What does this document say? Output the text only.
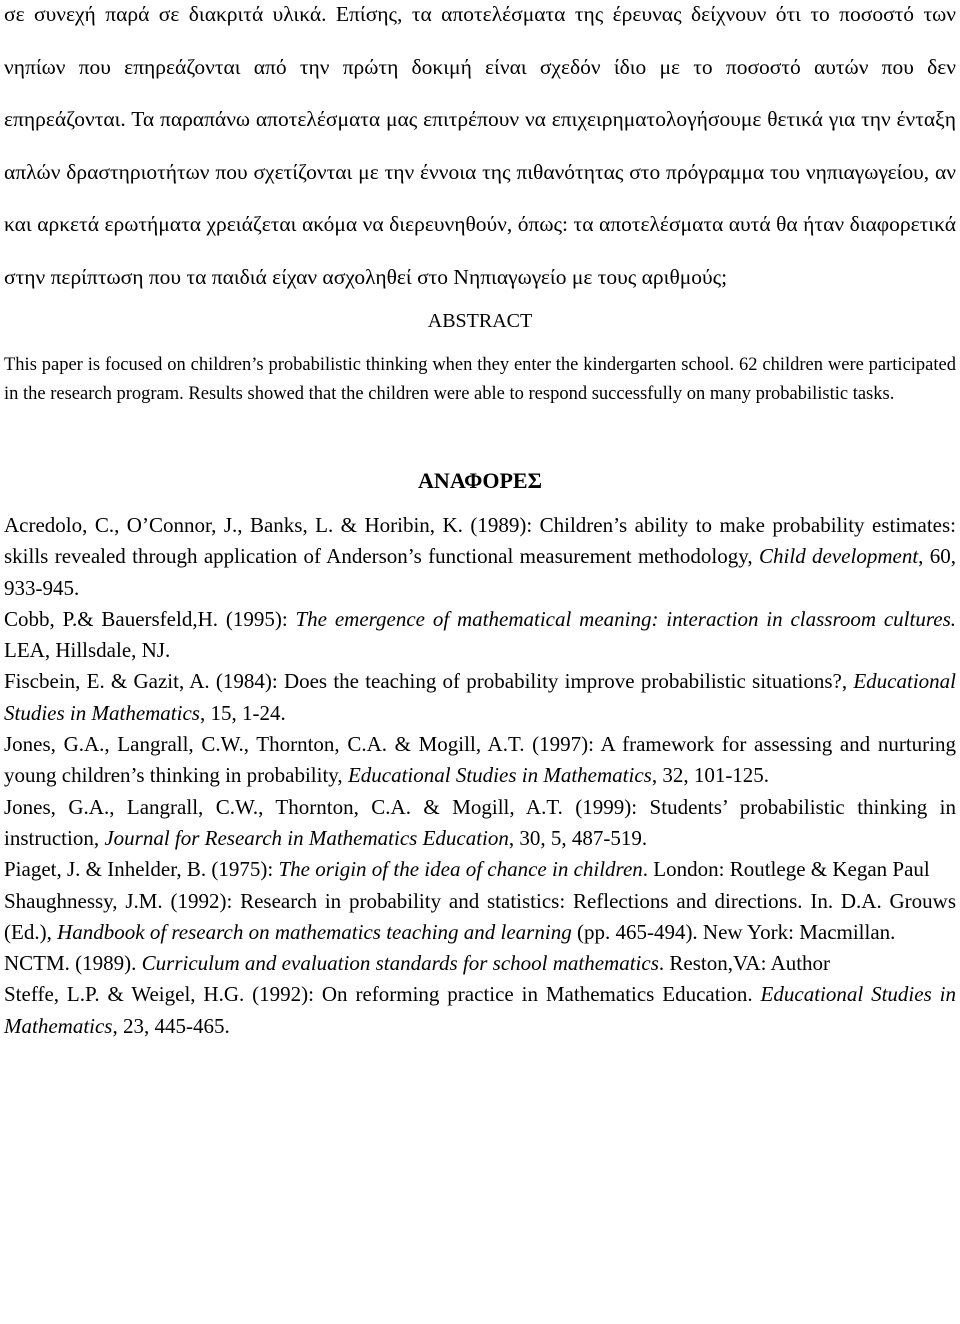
σε συνεχή παρά σε διακριτά υλικά. Επίσης, τα αποτελέσματα της έρευνας δείχνουν ότι το ποσοστό των νηπίων που επηρεάζονται από την πρώτη δοκιμή είναι σχεδόν ίδιο με το ποσοστό αυτών που δεν επηρεάζονται. Τα παραπάνω αποτελέσματα μας επιτρέπουν να επιχειρηματολογήσουμε θετικά για την ένταξη απλών δραστηριοτήτων που σχετίζονται με την έννοια της πιθανότητας στο πρόγραμμα του νηπιαγωγείου, αν και αρκετά ερωτήματα χρειάζεται ακόμα να διερευνηθούν, όπως: τα αποτελέσματα αυτά θα ήταν διαφορετικά στην περίπτωση που τα παιδιά είχαν ασχοληθεί στο Νηπιαγωγείο με τους αριθμούς;

ABSTRACT

This paper is focused on children’s probabilistic thinking when they enter the kindergarten school. 62 children were participated in the research program. Results showed that the children were able to respond successfully on many probabilistic tasks.

ΑΝΑΦΟΡΕΣ

Acredolo, C., O’Connor, J., Banks, L. & Horibin, K. (1989): Children’s ability to make probability estimates: skills revealed through application of Anderson’s functional measurement methodology, Child development, 60, 933-945.

Cobb, P.& Bauersfeld,H. (1995): The emergence of mathematical meaning: interaction in classroom cultures. LEA, Hillsdale, NJ.

Fiscbein, E. & Gazit, A. (1984): Does the teaching of probability improve probabilistic situations?, Educational Studies in Mathematics, 15, 1-24.

Jones, G.A., Langrall, C.W., Thornton, C.A. & Mogill, A.T. (1997): A framework for assessing and nurturing young children’s thinking in probability, Educational Studies in Mathematics, 32, 101-125.

Jones, G.A., Langrall, C.W., Thornton, C.A. & Mogill, A.T. (1999): Students’ probabilistic thinking in instruction, Journal for Research in Mathematics Education, 30, 5, 487-519.

Piaget, J. & Inhelder, B. (1975): The origin of the idea of chance in children. London: Routlege & Kegan Paul

Shaughnessy, J.M. (1992): Research in probability and statistics: Reflections and directions. In. D.A. Grouws (Ed.), Handbook of research on mathematics teaching and learning (pp. 465-494). New York: Macmillan.

NCTM. (1989). Curriculum and evaluation standards for school mathematics. Reston,VA: Author

Steffe, L.P. & Weigel, H.G. (1992): On reforming practice in Mathematics Education. Educational Studies in Mathematics, 23, 445-465.
